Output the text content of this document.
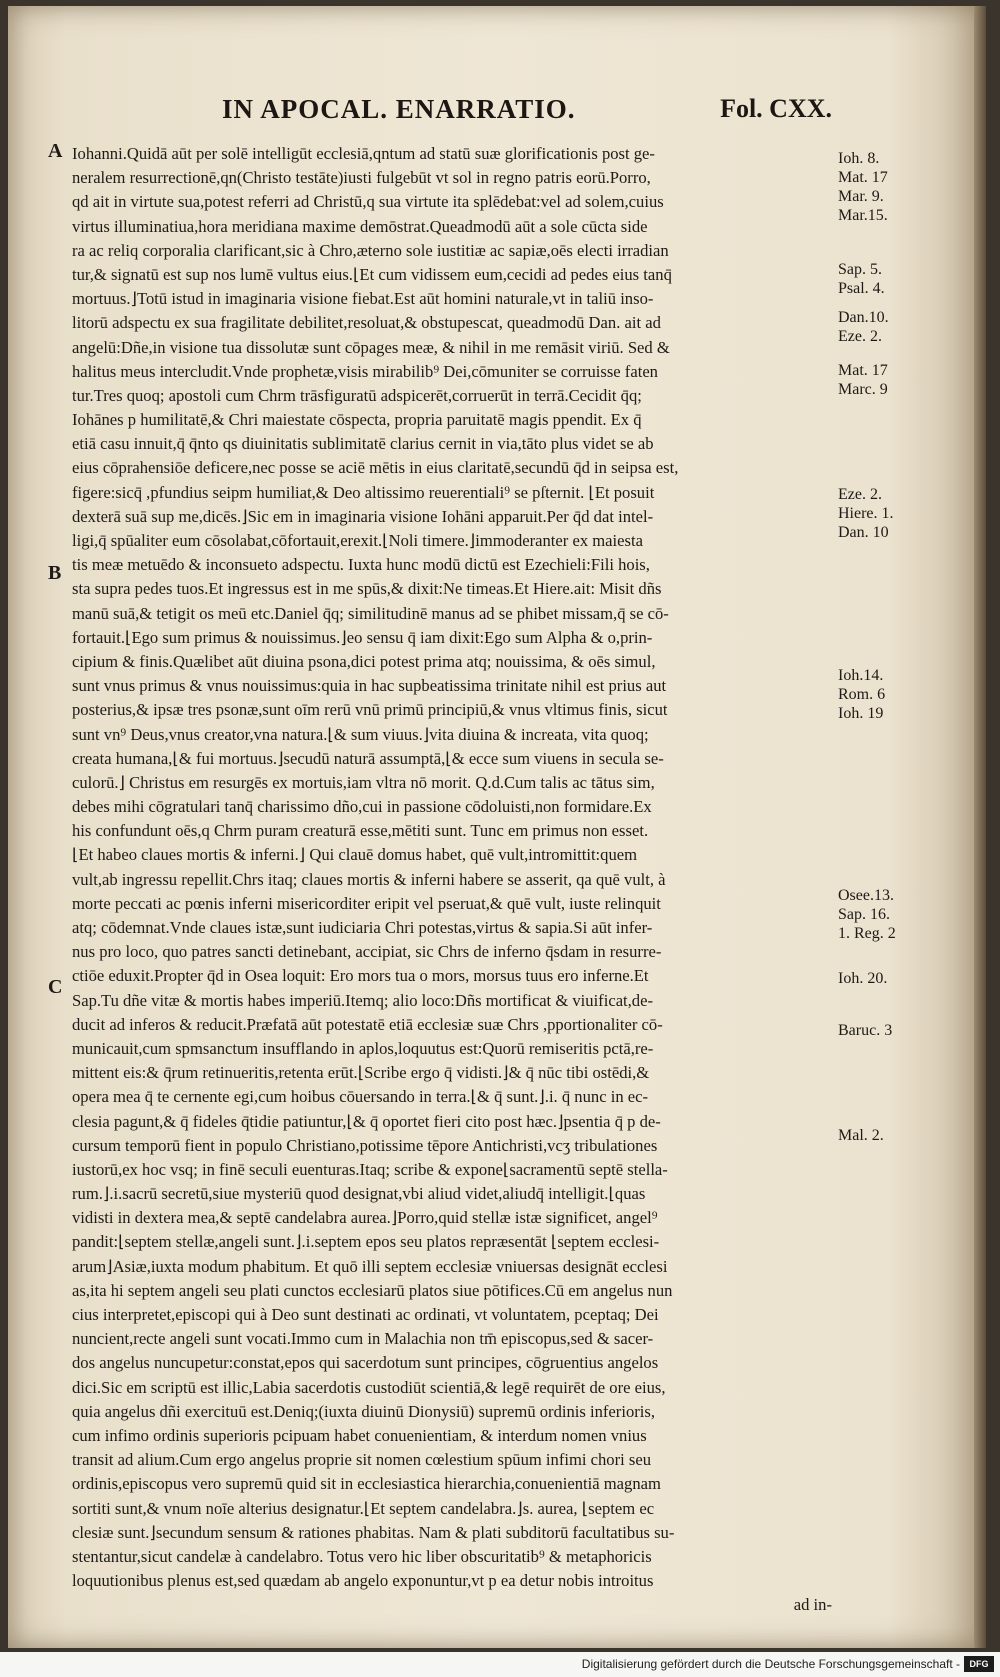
IN APOCAL. ENARRATIO.	Fol. CXX.
A
B
C
Iohanni.Quidā aūt per solē intelligūt ecclesiā,qntum ad statū suæ glorificationis post ge-
neralem resurrectionē,qn(Christo testāte)iusti fulgebūt vt sol in regno patris eorū.Porro,
qd ait in virtute sua,potest referri ad Christū,q sua virtute ita splēdebat:vel ad solem,cuius
virtus illuminatiua,hora meridiana maxime demōstrat.Queadmodū aūt a sole cūcta side
ra ac reliq corporalia clarificant,sic à Chro,æterno sole iustitiæ ac sapiæ,oēs electi irradian
tur,& signatū est sup nos lumē vultus eius.⌊Et cum vidissem eum,cecidi ad pedes eius tanq̄
mortuus.⌋Totū istud in imaginaria visione fiebat.Est aūt homini naturale,vt in taliū inso-
litorū adspectu ex sua fragilitate debilitet,resoluat,& obstupescat, queadmodū Dan. ait ad
angelū:Dñe,in visione tua dissolutæ sunt cōpages meæ, & nihil in me remāsit viriū. Sed &
halitus meus intercludit.Vnde prophetæ,visis mirabilib⁹ Dei,cōmuniter se corruisse faten
tur.Tres quoq; apostoli cum Chrm trāsfiguratū adspicerēt,corruerūt in terrā.Cecidit q̄q;
Iohānes p humilitatē,& Chri maiestate cōspecta, propria paruitatē magis ppendit. Ex q̄
etiā casu innuit,q̄ q̄nto qs diuinitatis sublimitatē clarius cernit in via,tāto plus videt se ab
eius cōprahensiōe deficere,nec posse se aciē mētis in eius claritatē,secundū q̄d in seipsa est,
figere:sicq̄ ,pfundius seipm humiliat,& Deo altissimo reuerentiali⁹ se pſternit. ⌊Et posuit
dexterā suā sup me,dicēs.⌋Sic em in imaginaria visione Iohāni apparuit.Per q̄d dat intel-
ligi,q̄ spūaliter eum cōsolabat,cōfortauit,erexit.⌊Noli timere.⌋immoderanter ex maiesta
tis meæ metuēdo & inconsueto adspectu. Iuxta hunc modū dictū est Ezechieli:Fili hois,
sta supra pedes tuos.Et ingressus est in me spūs,& dixit:Ne timeas.Et Hiere.ait: Misit dñs
manū suā,& tetigit os meū etc.Daniel q̄q; similitudinē manus ad se phibet missam,q̄ se cō-
fortauit.⌊Ego sum primus & nouissimus.⌋eo sensu q̄ iam dixit:Ego sum Alpha & o,prin-
cipium & finis.Quælibet aūt diuina psona,dici potest prima atq; nouissima, & oēs simul,
sunt vnus primus & vnus nouissimus:quia in hac supbeatissima trinitate nihil est prius aut
posterius,& ipsæ tres psonæ,sunt oīm rerū vnū primū principiū,& vnus vltimus finis, sicut
sunt vn⁹ Deus,vnus creator,vna natura.⌊& sum viuus.⌋vita diuina & increata, vita quoq;
creata humana,⌊& fui mortuus.⌋secudū naturā assumptā,⌊& ecce sum viuens in secula se-
culorū.⌋ Christus em resurgēs ex mortuis,iam vltra nō morit. Q.d.Cum talis ac tātus sim,
debes mihi cōgratulari tanq̄ charissimo dño,cui in passione cōdoluisti,non formidare.Ex
his confundunt oēs,q Chrm puram creaturā esse,mētiti sunt. Tunc em primus non esset.
⌊Et habeo claues mortis & inferni.⌋ Qui clauē domus habet, quē vult,intromittit:quem
vult,ab ingressu repellit.Chrs itaq; claues mortis & inferni habere se asserit, qa quē vult, à
morte peccati ac pœnis inferni misericorditer eripit vel pseruat,& quē vult, iuste relinquit
atq; cōdemnat.Vnde claues istæ,sunt iudiciaria Chri potestas,virtus & sapia.Si aūt infer-
nus pro loco, quo patres sancti detinebant, accipiat, sic Chrs de inferno q̄sdam in resurre-
ctiōe eduxit.Propter q̄d in Osea loquit: Ero mors tua o mors, morsus tuus ero inferne.Et
Sap.Tu dñe vitæ & mortis habes imperiū.Itemq; alio loco:Dñs mortificat & viuificat,de-
ducit ad inferos & reducit.Præfatā aūt potestatē etiā ecclesiæ suæ Chrs ,pportionaliter cō-
municauit,cum spmsanctum insufflando in aplos,loquutus est:Quorū remiseritis pctā,re-
mittent eis:& q̄rum retinueritis,retenta erūt.⌊Scribe ergo q̄ vidisti.⌋& q̄ nūc tibi ostēdi,&
opera mea q̄ te cernente egi,cum hoibus cōuersando in terra.⌊& q̄ sunt.⌋.i. q̄ nunc in ec-
clesia pagunt,& q̄ fideles q̄tidie patiuntur,⌊& q̄ oportet fieri cito post hæc.⌋psentia q̄ p de-
cursum temporū fient in populo Christiano,potissime tēpore Antichristi,vcʒ tribulationes
iustorū,ex hoc vsq; in finē seculi euenturas.Itaq; scribe & expone⌊sacramentū septē stella-
rum.⌋.i.sacrū secretū,siue mysteriū quod designat,vbi aliud videt,aliudq̄ intelligit.⌊quas
vidisti in dextera mea,& septē candelabra aurea.⌋Porro,quid stellæ istæ significet, angel⁹
pandit:⌊septem stellæ,angeli sunt.⌋.i.septem epos seu platos repræsentāt ⌊septem ecclesi-
arum⌋Asiæ,iuxta modum phabitum. Et quō illi septem ecclesiæ vniuersas designāt ecclesi
as,ita hi septem angeli seu plati cunctos ecclesiarū platos siue pōtifices.Cū em angelus nun
cius interpretet,episcopi qui à Deo sunt destinati ac ordinati, vt voluntatem, pceptaq; Dei
nuncient,recte angeli sunt vocati.Immo cum in Malachia non tm̄ episcopus,sed & sacer-
dos angelus nuncupetur:constat,epos qui sacerdotum sunt principes, cōgruentius angelos
dici.Sic em scriptū est illic,Labia sacerdotis custodiūt scientiā,& legē requirēt de ore eius,
quia angelus dñi exercituū est.Deniq;(iuxta diuinū Dionysiū) supremū ordinis inferioris,
cum infimo ordinis superioris pcipuam habet conuenientiam, & interdum nomen vnius
transit ad alium.Cum ergo angelus proprie sit nomen cœlestium spūum infimi chori seu
ordinis,episcopus vero supremū quid sit in ecclesiastica hierarchia,conuenientiā magnam
sortiti sunt,& vnum noīe alterius designatur.⌊Et septem candelabra.⌋s. aurea, ⌊septem ec
clesiæ sunt.⌋secundum sensum & rationes phabitas. Nam & plati subditorū facultatibus su-
stentantur,sicut candelæ à candelabro. Totus vero hic liber obscuritatib⁹ & metaphoricis
loquutionibus plenus est,sed quædam ab angelo exponuntur,vt p ea detur nobis introitus
ad in-
Ioh. 8.
Mat. 17
Mar. 9.
Mar.15.
Sap. 5.
Psal. 4.
Dan.10.
Eze. 2.
Mat. 17
Marc. 9
Eze. 2.
Hiere. 1.
Dan. 10
Ioh.14.
Rom. 6
Ioh. 19
Osee.13.
Sap. 16.
1. Reg. 2
Ioh. 20.
Baruc. 3
Mal. 2.
Digitalisierung gefördert durch die Deutsche Forschungsgemeinschaft -	DFG
